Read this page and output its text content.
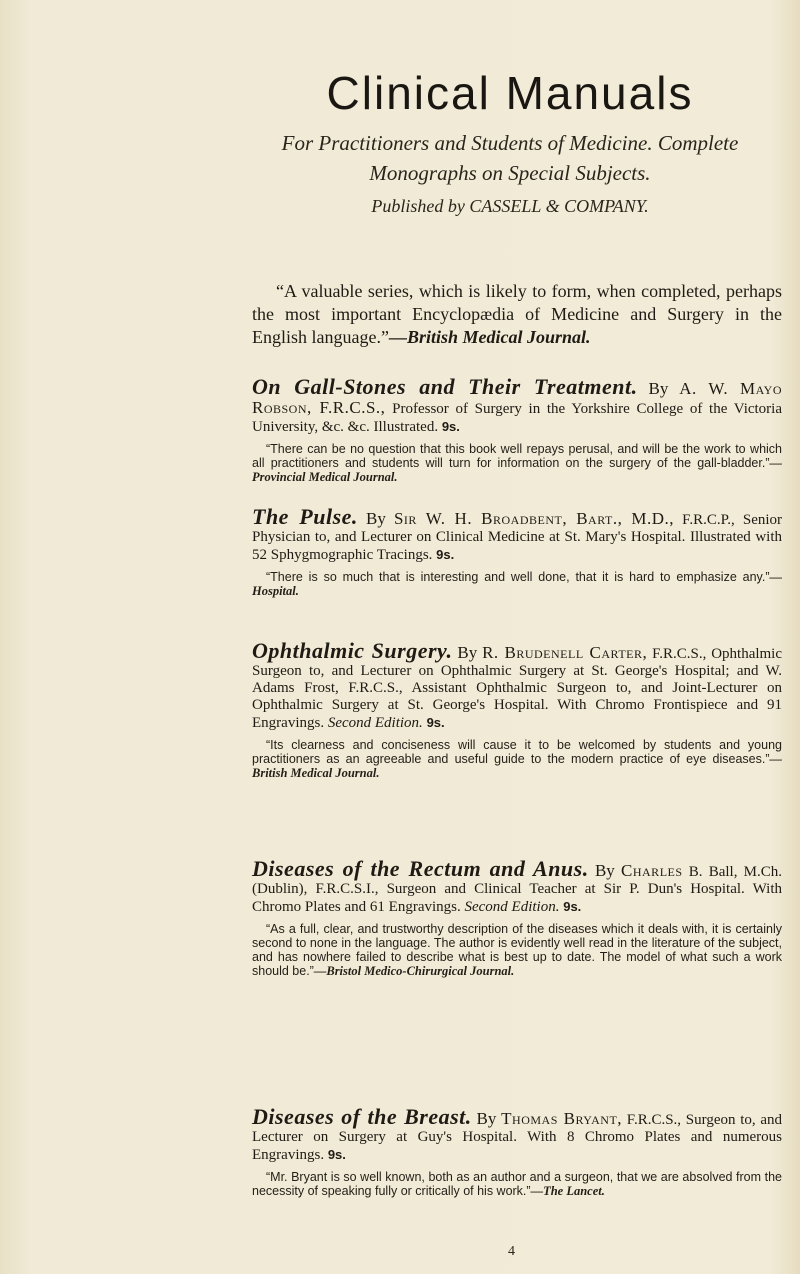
Clinical Manuals
For Practitioners and Students of Medicine. Complete
Monographs on Special Subjects.
Published by CASSELL & COMPANY.

“A valuable series, which is likely to form, when completed, perhaps the most important Encyclopædia of Medicine and Surgery in the English language.”—British Medical Journal.

On Gall-Stones and Their Treatment. By A. W. Mayo Robson, F.R.C.S., Professor of Surgery in the Yorkshire College of the Victoria University, &c. &c. Illustrated. 9s.

“There can be no question that this book well repays perusal, and will be the work to which all practitioners and students will turn for information on the surgery of the gall-bladder.”—Provincial Medical Journal.

The Pulse. By Sir W. H. Broadbent, Bart., M.D., F.R.C.P., Senior Physician to, and Lecturer on Clinical Medicine at St. Mary's Hospital. Illustrated with 52 Sphygmographic Tracings. 9s.

“There is so much that is interesting and well done, that it is hard to emphasize any.”—Hospital.

Ophthalmic Surgery. By R. Brudenell Carter, F.R.C.S., Ophthalmic Surgeon to, and Lecturer on Ophthalmic Surgery at St. George's Hospital; and W. Adams Frost, F.R.C.S., Assistant Ophthalmic Surgeon to, and Joint-Lecturer on Ophthalmic Surgery at St. George's Hospital. With Chromo Frontispiece and 91 Engravings. Second Edition. 9s.

“Its clearness and conciseness will cause it to be welcomed by students and young practitioners as an agreeable and useful guide to the modern practice of eye diseases.”—British Medical Journal.

Diseases of the Rectum and Anus. By Charles B. Ball, M.Ch. (Dublin), F.R.C.S.I., Surgeon and Clinical Teacher at Sir P. Dun's Hospital. With Chromo Plates and 61 Engravings. Second Edition. 9s.

“As a full, clear, and trustworthy description of the diseases which it deals with, it is certainly second to none in the language. The author is evidently well read in the literature of the subject, and has nowhere failed to describe what is best up to date. The model of what such a work should be.”—Bristol Medico-Chirurgical Journal.

Diseases of the Breast. By Thomas Bryant, F.R.C.S., Surgeon to, and Lecturer on Surgery at Guy's Hospital. With 8 Chromo Plates and numerous Engravings. 9s.

“Mr. Bryant is so well known, both as an author and a surgeon, that we are absolved from the necessity of speaking fully or critically of his work.”—The Lancet.

4
